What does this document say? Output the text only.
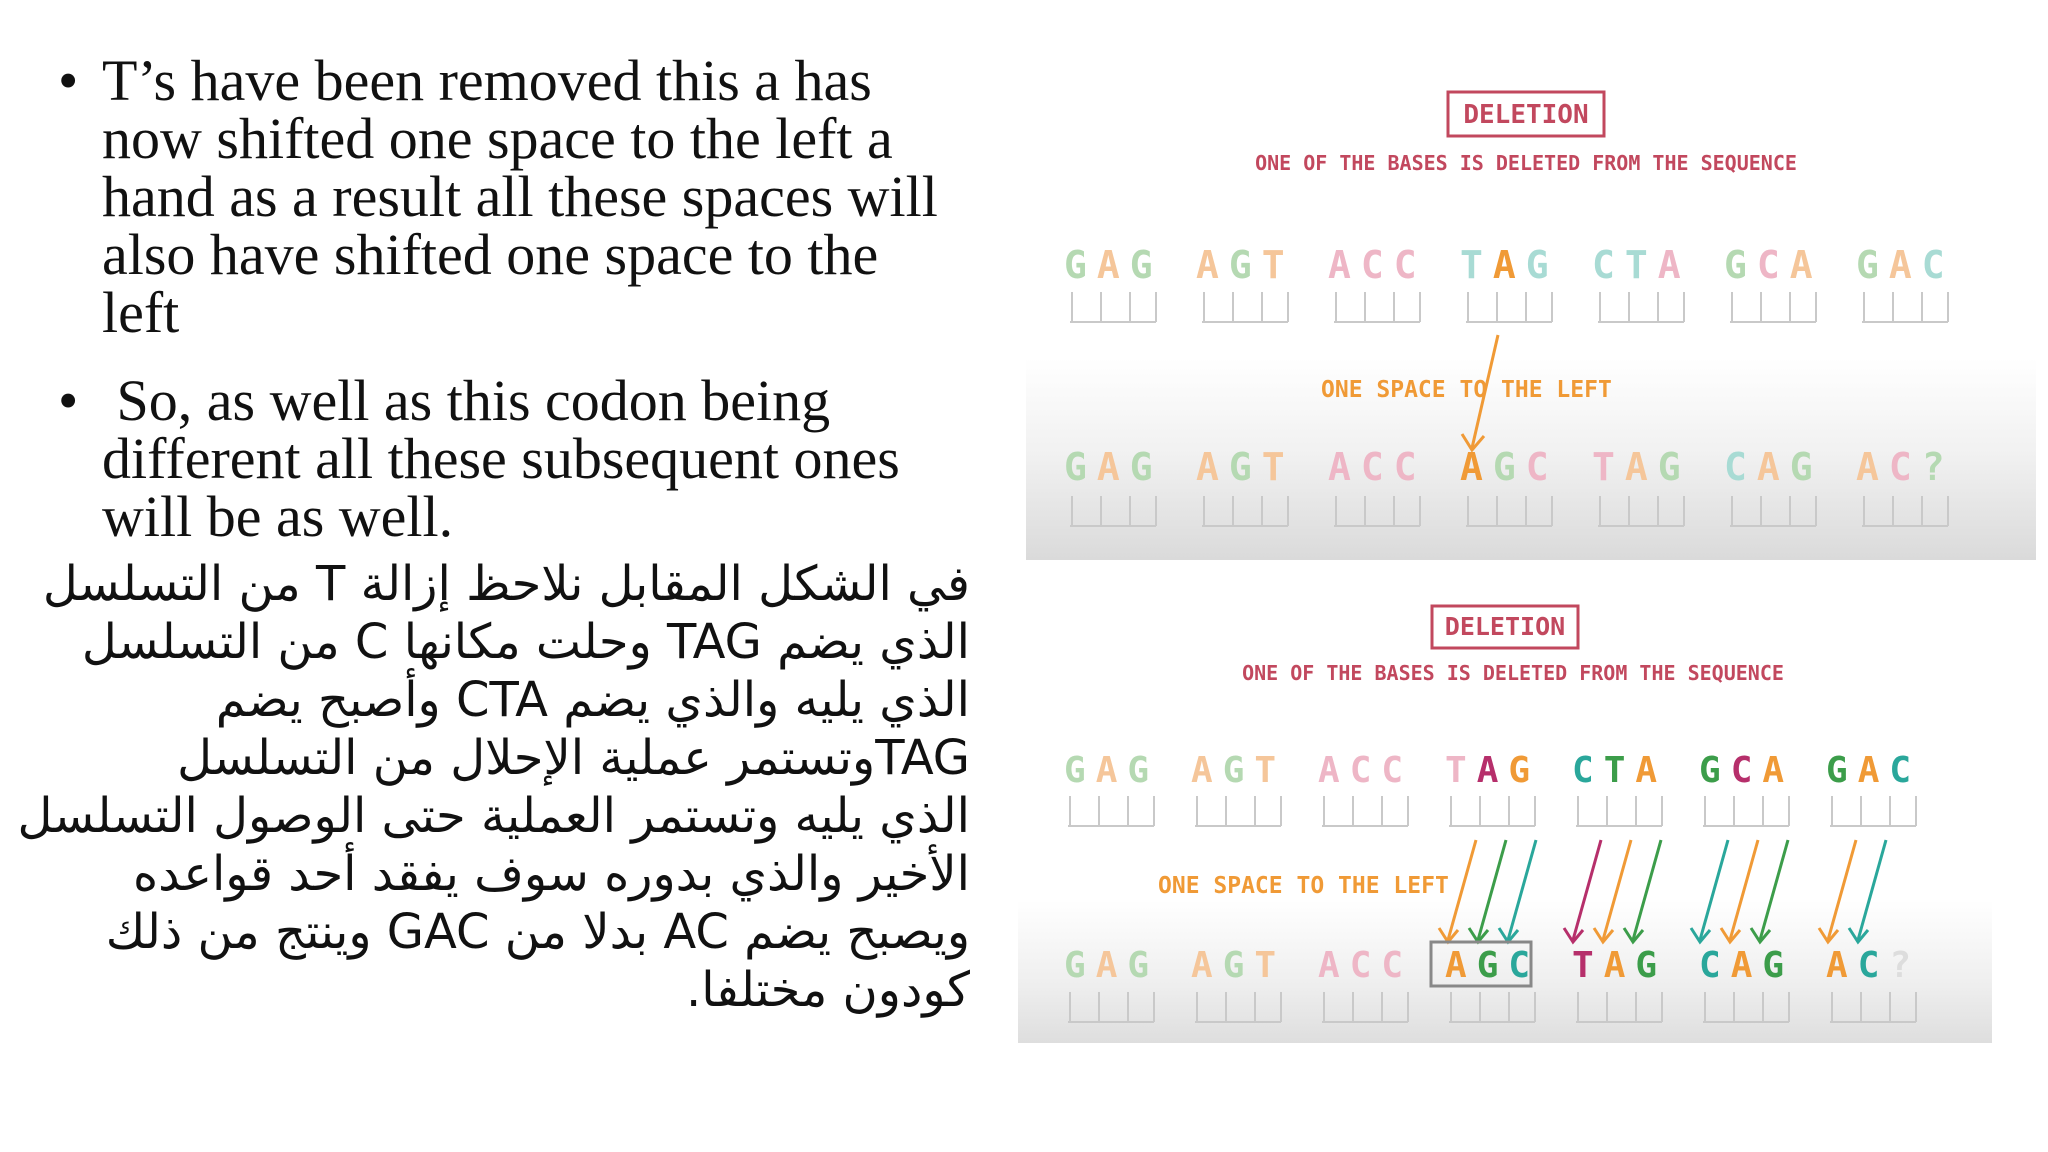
• T’s have been removed this a has
now shifted one space to the left a
hand as a result all these spaces will
also have shifted one space to the
left
• So, as well as this codon being
different all these subsequent ones
will be as well.
في الشكل المقابل نلاحظ إزالة T من التسلسل
الذي يضم TAG وحلت مكانها C من التسلسل
الذي يليه والذي يضم CTA وأصبح يضم
TAGوتستمر عملية الإحلال من التسلسل
الذي يليه وتستمر العملية حتى الوصول التسلسل
الأخير والذي بدوره سوف يفقد أحد قواعده
ويصبح يضم AC بدلا من GAC وينتج من ذلك
كودون مختلفا.
DELETION
ONE OF THE BASES IS DELETED FROM THE SEQUENCE
GAG AGT ACC TAG CTA GCA GAC
ONE SPACE TO THE LEFT
GAG AGT ACC AGC TAG CAG AC?
DELETION
ONE OF THE BASES IS DELETED FROM THE SEQUENCE
GAG AGT ACC TAG CTA GCA GAC
ONE SPACE TO THE LEFT
GAG AGT ACC AGC TAG CAG AC?
